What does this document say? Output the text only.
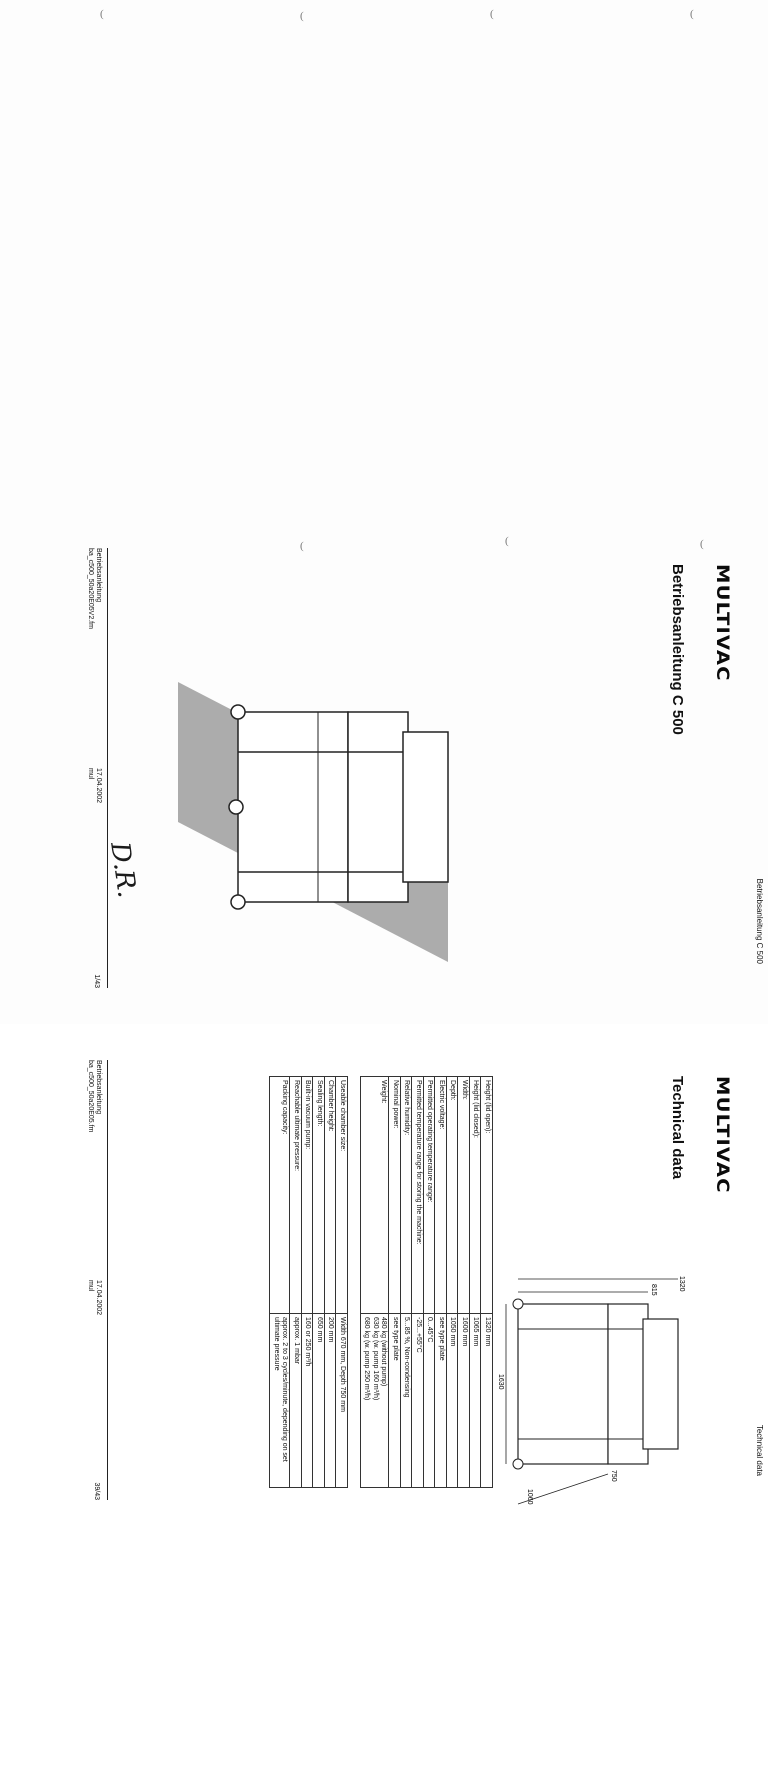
(	(	(
(	(	(
(
MULTIVAC
Betriebsanleitung C 500
Betriebsanleitung C 500
D.R.
Betriebsanleitung
ba_c500_50a20E05V2.fm
17.04.2002
mul
1/43
MULTIVAC
Technical data
Technical data
1320
815
1630
1060
750
Height (lid open):	1320 mm
Height (lid closed):	1065 mm
Width:	1600 mm
Depth:	1050 mm
Electric voltage:	see type plate
Permitted operating temperature range:	0...45°C
Permitted temperature range for storing the machine:	-25...+55°C
Relative humidity:	5...85 %, Non-condensing
Nominal power:	see type plate
Weight:	480 kg (without pump)
630 kg (w. pump 160 m³/h)
680 kg (w. pump 250 m³/h)

Useable chamber size:	Width 670 mm, Depth 750 mm
Chamber height:	200 mm
Sealing length:	650 mm
Built-in vacuum pump:	160 or 250 m³/h
Reachable ultimate pressure:	approx. 1 mbar
Packing capacity:	approx. 2 to 3 cycles/minute, depending on set ultimate pressure
Betriebsanleitung
ba_c500_50a20E05.fm
17.04.2002
mul
39/43
